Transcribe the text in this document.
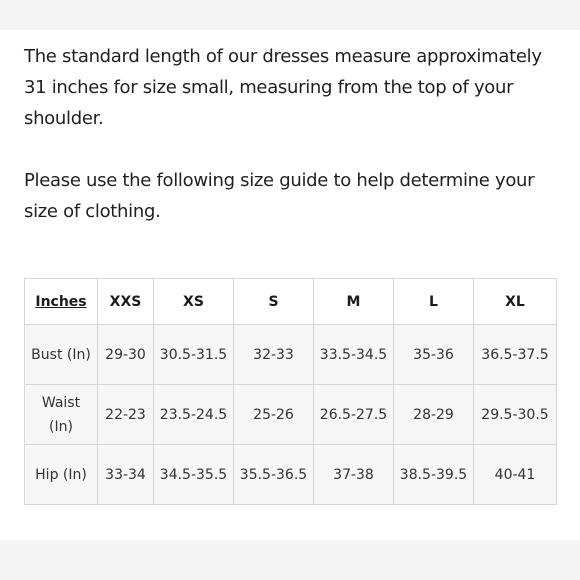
The standard length of our dresses measure approximately 31 inches for size small, measuring from the top of your shoulder.

Please use the following size guide to help determine your size of clothing.

Inches	XXS	XS	S	M	L	XL
Bust (In)	29-30	30.5-31.5	32-33	33.5-34.5	35-36	36.5-37.5
Waist (In)	22-23	23.5-24.5	25-26	26.5-27.5	28-29	29.5-30.5
Hip (In)	33-34	34.5-35.5	35.5-36.5	37-38	38.5-39.5	40-41
